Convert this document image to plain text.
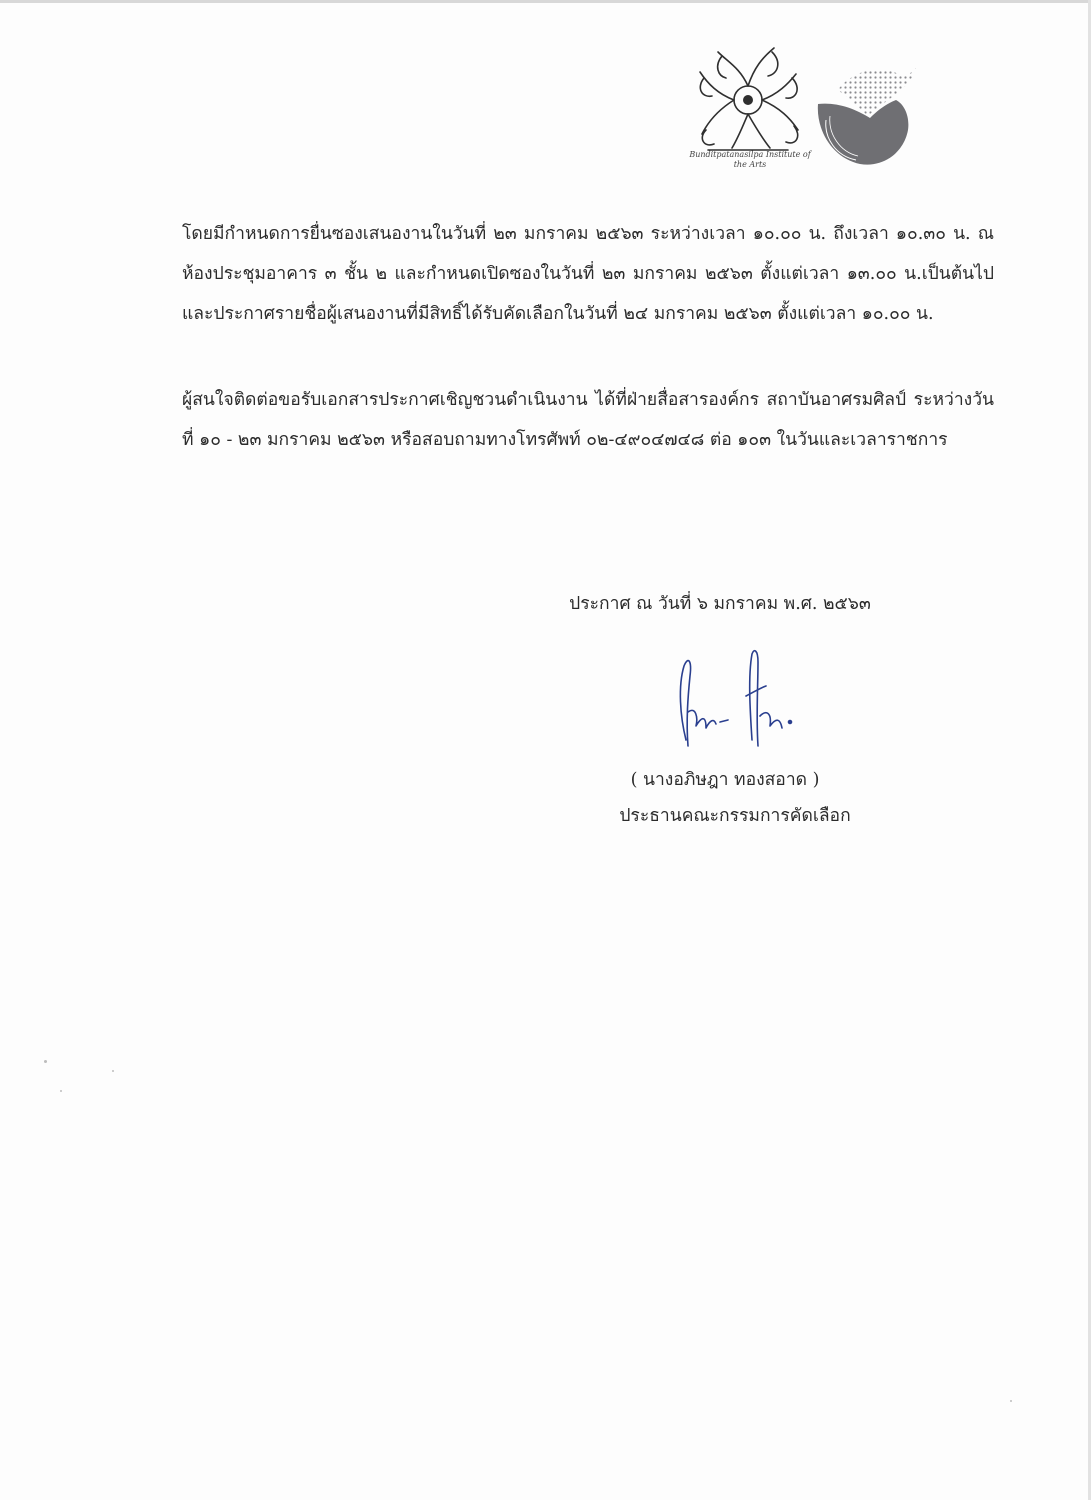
Bunditpatanasilpa Institute of the Arts

โดยมีกำหนดการยื่นซองเสนองานในวันที่ ๒๓ มกราคม ๒๕๖๓ ระหว่างเวลา ๑๐.๐๐ น. ถึงเวลา ๑๐.๓๐ น. ณ ห้องประชุมอาคาร ๓ ชั้น ๒ และกำหนดเปิดซองในวันที่ ๒๓ มกราคม ๒๕๖๓ ตั้งแต่เวลา ๑๓.๐๐ น.เป็นต้นไป และประกาศรายชื่อผู้เสนองานที่มีสิทธิ์ได้รับคัดเลือกในวันที่ ๒๔ มกราคม ๒๕๖๓ ตั้งแต่เวลา ๑๐.๐๐ น.

ผู้สนใจติดต่อขอรับเอกสารประกาศเชิญชวนดำเนินงาน ได้ที่ฝ่ายสื่อสารองค์กร สถาบันอาศรมศิลป์ ระหว่างวันที่ ๑๐ - ๒๓ มกราคม ๒๕๖๓ หรือสอบถามทางโทรศัพท์ ๐๒-๔๙๐๔๗๔๘ ต่อ ๑๐๓ ในวันและเวลาราชการ

ประกาศ ณ วันที่ ๖ มกราคม พ.ศ. ๒๕๖๓
( นางอภิษฎา ทองสอาด )
ประธานคณะกรรมการคัดเลือก
